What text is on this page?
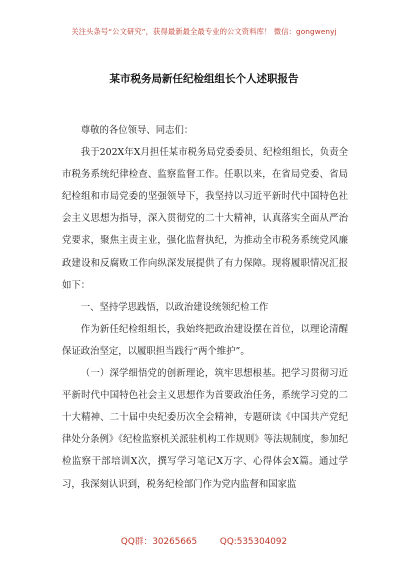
关注头条号“公文研究”，获得最新最全最专业的公文资料库！ 微信：gongwenyj
某市税务局新任纪检组组长个人述职报告

尊敬的各位领导、同志们：

我于202X年X月担任某市税务局党委委员、纪检组组长，负责全市税务系统纪律检查、监察监督工作。任职以来，在省局党委、省局纪检组和市局党委的坚强领导下，我坚持以习近平新时代中国特色社会主义思想为指导，深入贯彻党的二十大精神，认真落实全面从严治党要求，聚焦主责主业，强化监督执纪，为推动全市税务系统党风廉政建设和反腐败工作向纵深发展提供了有力保障。现将履职情况汇报如下：

一、坚持学思践悟，以政治建设统领纪检工作

作为新任纪检组组长，我始终把政治建设摆在首位，以理论清醒保证政治坚定，以履职担当践行“两个维护”。

（一）深学细悟党的创新理论，筑牢思想根基。把学习贯彻习近平新时代中国特色社会主义思想作为首要政治任务，系统学习党的二十大精神、二十届中央纪委历次全会精神，专题研读《中国共产党纪律处分条例》《纪检监察机关派驻机构工作规则》等法规制度，参加纪检监察干部培训X次，撰写学习笔记X万字、心得体会X篇。通过学习，我深刻认识到，税务纪检部门作为党内监督和国家监

QQ群：30265665	QQ:535304092
